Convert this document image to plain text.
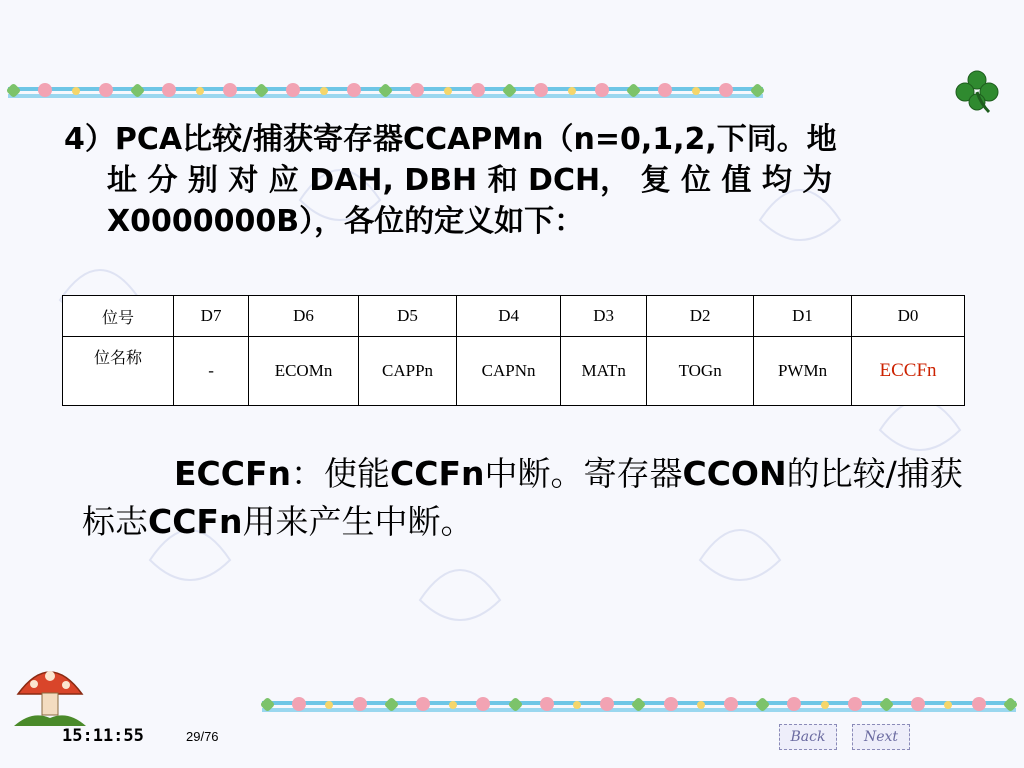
4）PCA比较/捕获寄存器CCAPMn（n=0,1,2,下同。地
址 分 别 对 应 DAH, DBH 和 DCH， 复 位 值 均 为
X0000000B），各位的定义如下：
位号	D7	D6	D5	D4	D3	D2	D1	D0
位名称	-	ECOMn	CAPPn	CAPNn	MATn	TOGn	PWMn	ECCFn
ECCFn：使能CCFn中断。寄存器CCON的比较/捕获标志CCFn用来产生中断。
15:11:55	29/76	Back	Next
